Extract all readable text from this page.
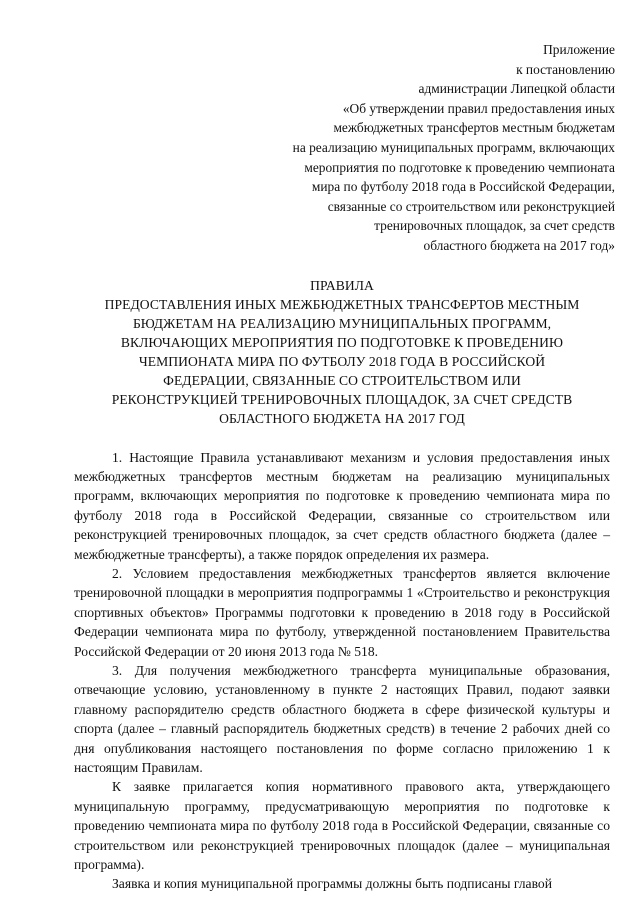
Приложение
к постановлению
администрации Липецкой области
«Об утверждении правил предоставления иных
межбюджетных трансфертов местным бюджетам
на реализацию муниципальных программ, включающих
мероприятия по подготовке к проведению чемпионата
мира по футболу 2018 года в Российской Федерации,
связанные со строительством или реконструкцией
тренировочных площадок, за счет средств
областного бюджета на 2017 год»
ПРАВИЛА
ПРЕДОСТАВЛЕНИЯ ИНЫХ МЕЖБЮДЖЕТНЫХ ТРАНСФЕРТОВ МЕСТНЫМ
БЮДЖЕТАМ НА РЕАЛИЗАЦИЮ МУНИЦИПАЛЬНЫХ ПРОГРАММ,
ВКЛЮЧАЮЩИХ МЕРОПРИЯТИЯ ПО ПОДГОТОВКЕ К ПРОВЕДЕНИЮ
ЧЕМПИОНАТА МИРА ПО ФУТБОЛУ 2018 ГОДА В РОССИЙСКОЙ
ФЕДЕРАЦИИ, СВЯЗАННЫЕ СО СТРОИТЕЛЬСТВОМ ИЛИ
РЕКОНСТРУКЦИЕЙ ТРЕНИРОВОЧНЫХ ПЛОЩАДОК, ЗА СЧЕТ СРЕДСТВ
ОБЛАСТНОГО БЮДЖЕТА НА 2017 ГОД

1. Настоящие Правила устанавливают механизм и условия предоставления иных межбюджетных трансфертов местным бюджетам на реализацию муниципальных программ, включающих мероприятия по подготовке к проведению чемпионата мира по футболу 2018 года в Российской Федерации, связанные со строительством или реконструкцией тренировочных площадок, за счет средств областного бюджета (далее – межбюджетные трансферты), а также порядок определения их размера.

2. Условием предоставления межбюджетных трансфертов является включение тренировочной площадки в мероприятия подпрограммы 1 «Строительство и реконструкция спортивных объектов» Программы подготовки к проведению в 2018 году в Российской Федерации чемпионата мира по футболу, утвержденной постановлением Правительства Российской Федерации от 20 июня 2013 года № 518.

3. Для получения межбюджетного трансферта муниципальные образования, отвечающие условию, установленному в пункте 2 настоящих Правил, подают заявки главному распорядителю средств областного бюджета в сфере физической культуры и спорта (далее – главный распорядитель бюджетных средств) в течение 2 рабочих дней со дня опубликования настоящего постановления по форме согласно приложению 1 к настоящим Правилам.

К заявке прилагается копия нормативного правового акта, утверждающего муниципальную программу, предусматривающую мероприятия по подготовке к проведению чемпионата мира по футболу 2018 года в Российской Федерации, связанные со строительством или реконструкцией тренировочных площадок (далее – муниципальная программа).

Заявка и копия муниципальной программы должны быть подписаны главой
